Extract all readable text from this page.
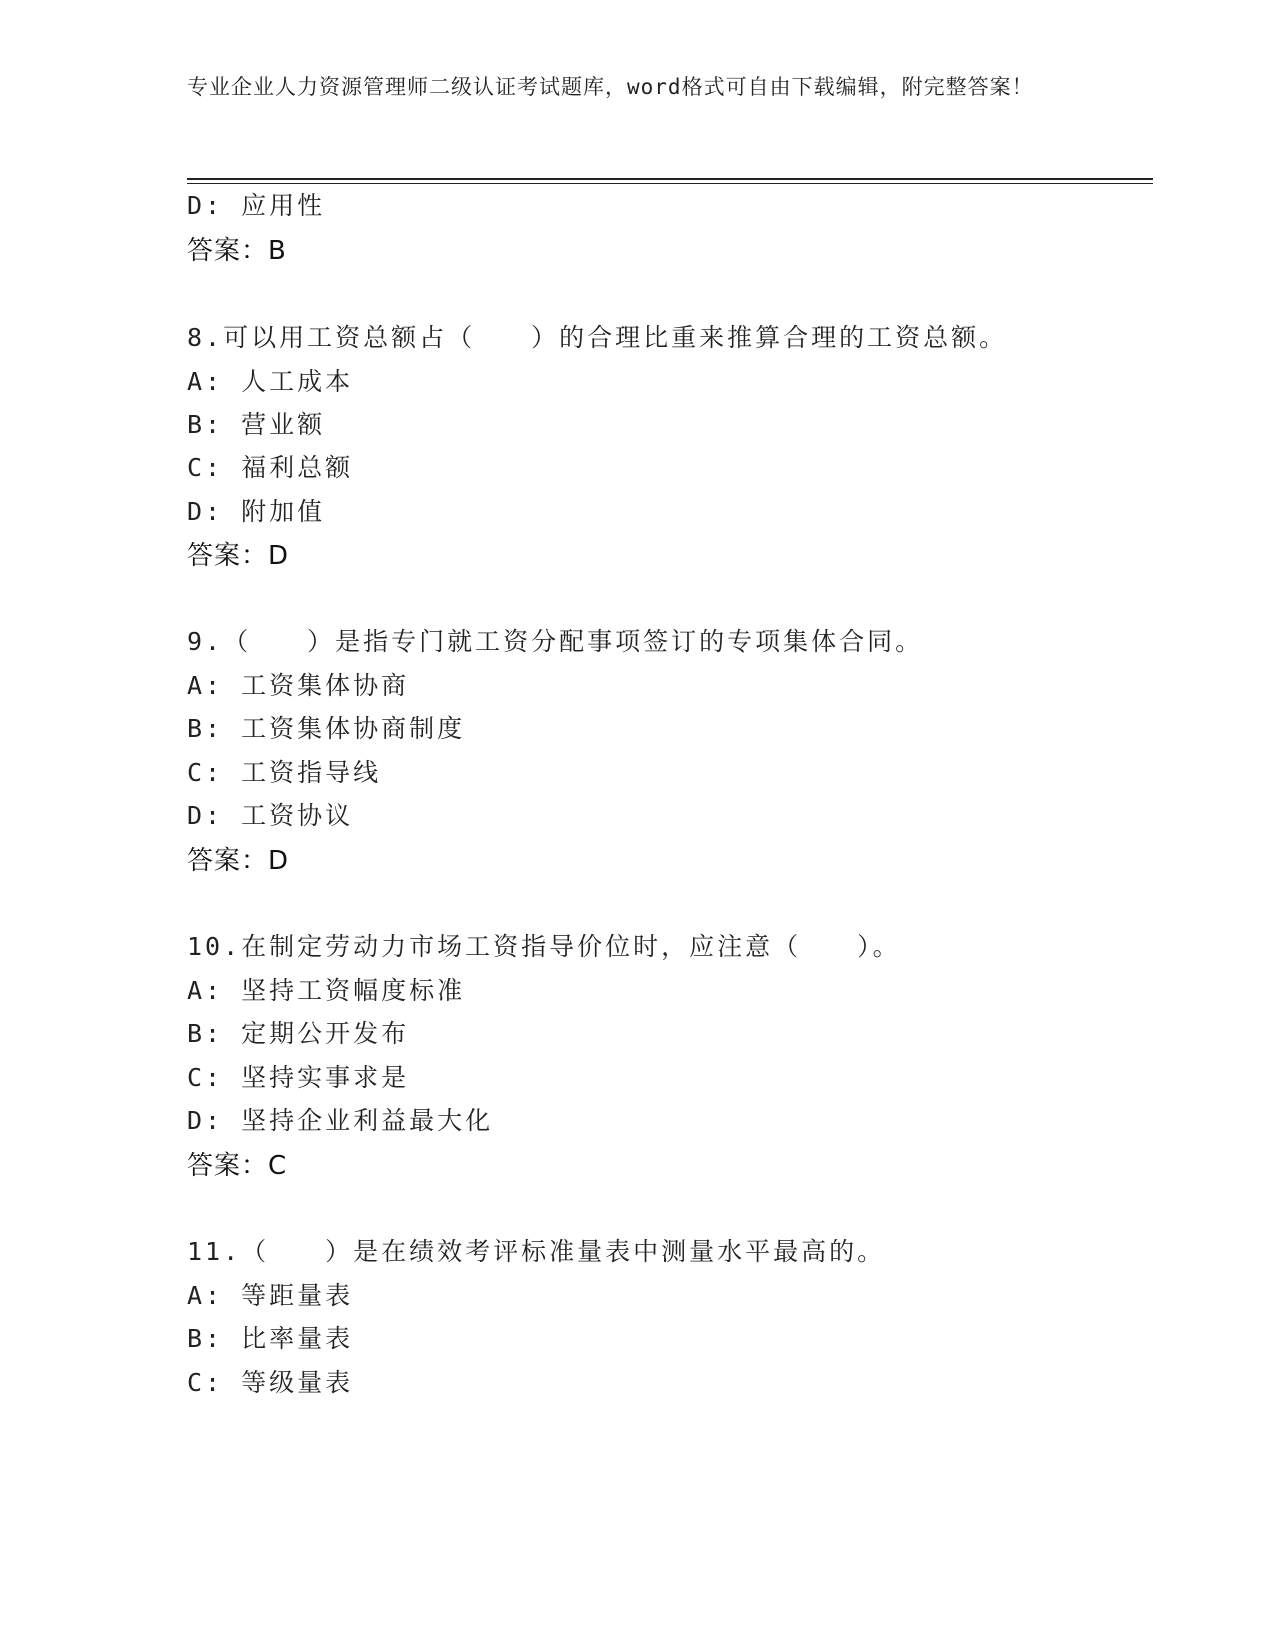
专业企业人力资源管理师二级认证考试题库，word格式可自由下载编辑，附完整答案！
D: 应用性
答案：B
8.可以用工资总额占（　　）的合理比重来推算合理的工资总额。
A: 人工成本
B: 营业额
C: 福利总额
D: 附加值
答案：D
9.（　　）是指专门就工资分配事项签订的专项集体合同。
A: 工资集体协商
B: 工资集体协商制度
C: 工资指导线
D: 工资协议
答案：D
10.在制定劳动力市场工资指导价位时，应注意（　　）。
A: 坚持工资幅度标准
B: 定期公开发布
C: 坚持实事求是
D: 坚持企业利益最大化
答案：C
11.（　　）是在绩效考评标准量表中测量水平最高的。
A: 等距量表
B: 比率量表
C: 等级量表
